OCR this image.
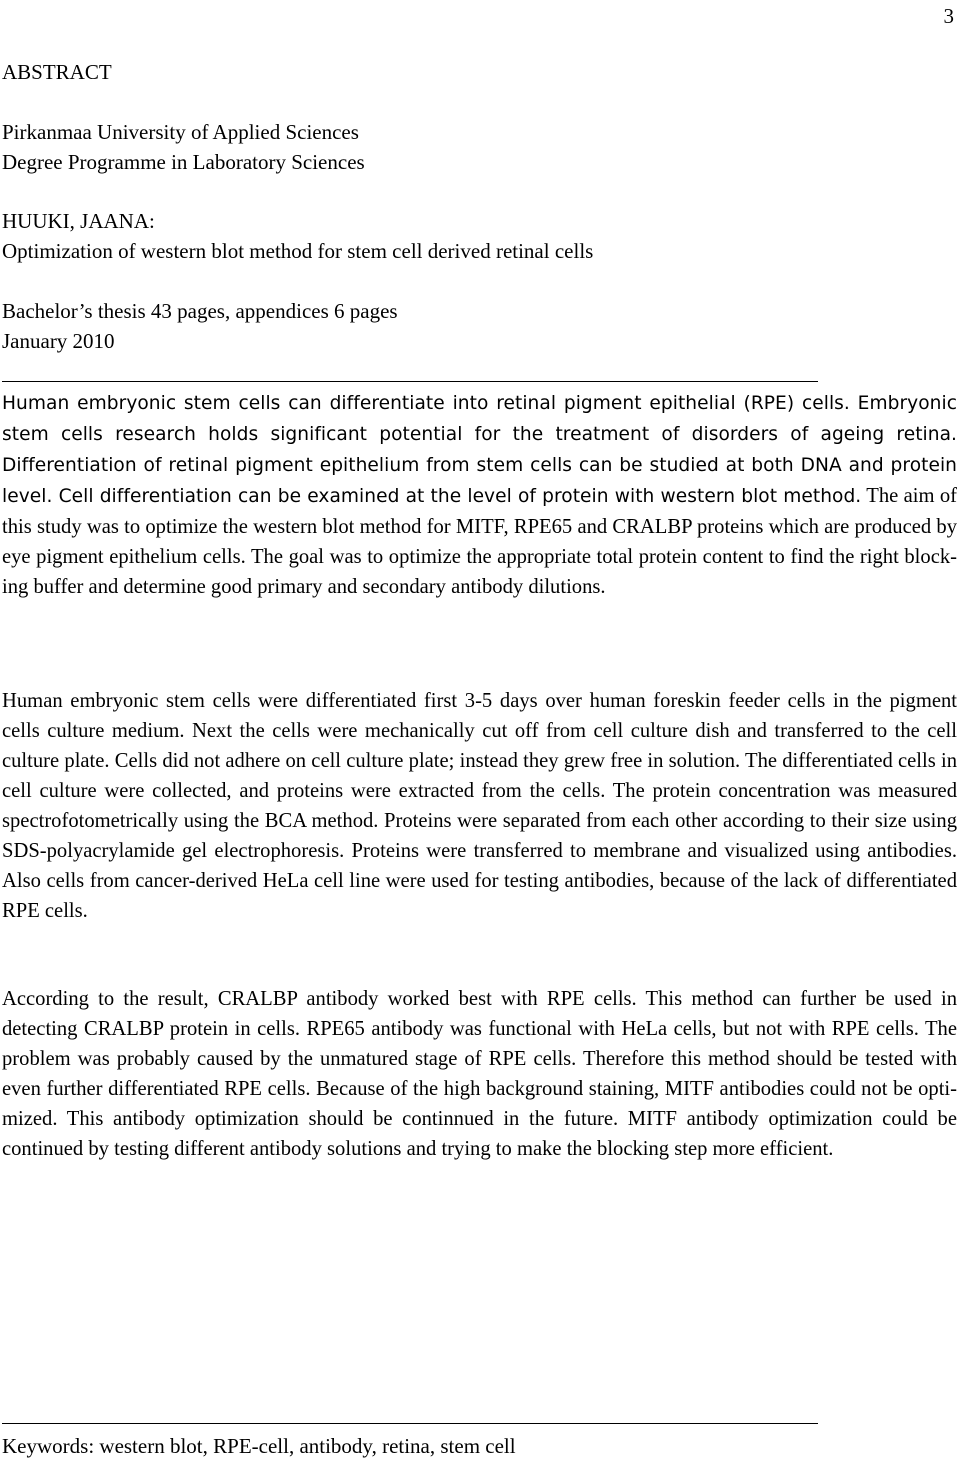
3
ABSTRACT
Pirkanmaa University of Applied Sciences
Degree Programme in Laboratory Sciences
HUUKI, JAANA:
Optimization of western blot method for stem cell derived retinal cells
Bachelor’s thesis 43 pages, appendices 6 pages
January 2010

Human embryonic stem cells can differentiate into retinal pigment epithelial (RPE) cells. Embryonic stem cells research holds significant potential for the treatment of disorders of ageing retina. Differentiation of retinal pigment epithelium from stem cells can be studied at both DNA and protein level. Cell differentiation can be examined at the level of protein with western blot method. The aim of this study was to optimize the western blot method for MITF, RPE65 and CRALBP proteins which are produced by eye pigment epithelium cells. The goal was to optimize the appropriate total protein content to find the right blocking buffer and determine good primary and secondary antibody dilutions.

Human embryonic stem cells were differentiated first 3-5 days over human foreskin feeder cells in the pigment cells culture medium. Next the cells were mechanically cut off from cell culture dish and transferred to the cell culture plate. Cells did not adhere on cell culture plate; instead they grew free in solution. The differentiated cells in cell culture were collected, and proteins were extracted from the cells. The protein concentration was measured spectrofotometrically using the BCA method. Proteins were separated from each other according to their size using SDS-polyacrylamide gel electrophoresis. Proteins were transferred to membrane and visualized using antibodies. Also cells from cancer-derived HeLa cell line were used for testing antibodies, because of the lack of differentiated RPE cells.

According to the result, CRALBP antibody worked best with RPE cells. This method can further be used in detecting CRALBP protein in cells. RPE65 antibody was functional with HeLa cells, but not with RPE cells. The problem was probably caused by the unmatured stage of RPE cells. Therefore this method should be tested with even further differentiated RPE cells. Because of the high background staining, MITF antibodies could not be optimized. This antibody optimization should be continnued in the future. MITF antibody optimization could be continued by testing different antibody solutions and trying to make the blocking step more efficient.

Keywords: western blot, RPE-cell, antibody, retina, stem cell
